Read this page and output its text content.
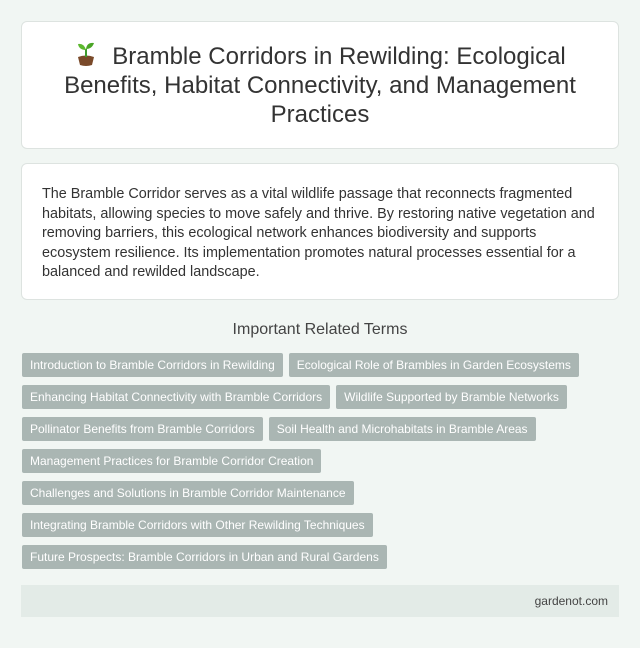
Bramble Corridors in Rewilding: Ecological Benefits, Habitat Connectivity, and Management Practices

The Bramble Corridor serves as a vital wildlife passage that reconnects fragmented habitats, allowing species to move safely and thrive. By restoring native vegetation and removing barriers, this ecological network enhances biodiversity and supports ecosystem resilience. Its implementation promotes natural processes essential for a balanced and rewilded landscape.

Important Related Terms
Introduction to Bramble Corridors in Rewilding	Ecological Role of Brambles in Garden Ecosystems
Enhancing Habitat Connectivity with Bramble Corridors	Wildlife Supported by Bramble Networks
Pollinator Benefits from Bramble Corridors	Soil Health and Microhabitats in Bramble Areas
Management Practices for Bramble Corridor Creation
Challenges and Solutions in Bramble Corridor Maintenance
Integrating Bramble Corridors with Other Rewilding Techniques
Future Prospects: Bramble Corridors in Urban and Rural Gardens
gardenot.com
